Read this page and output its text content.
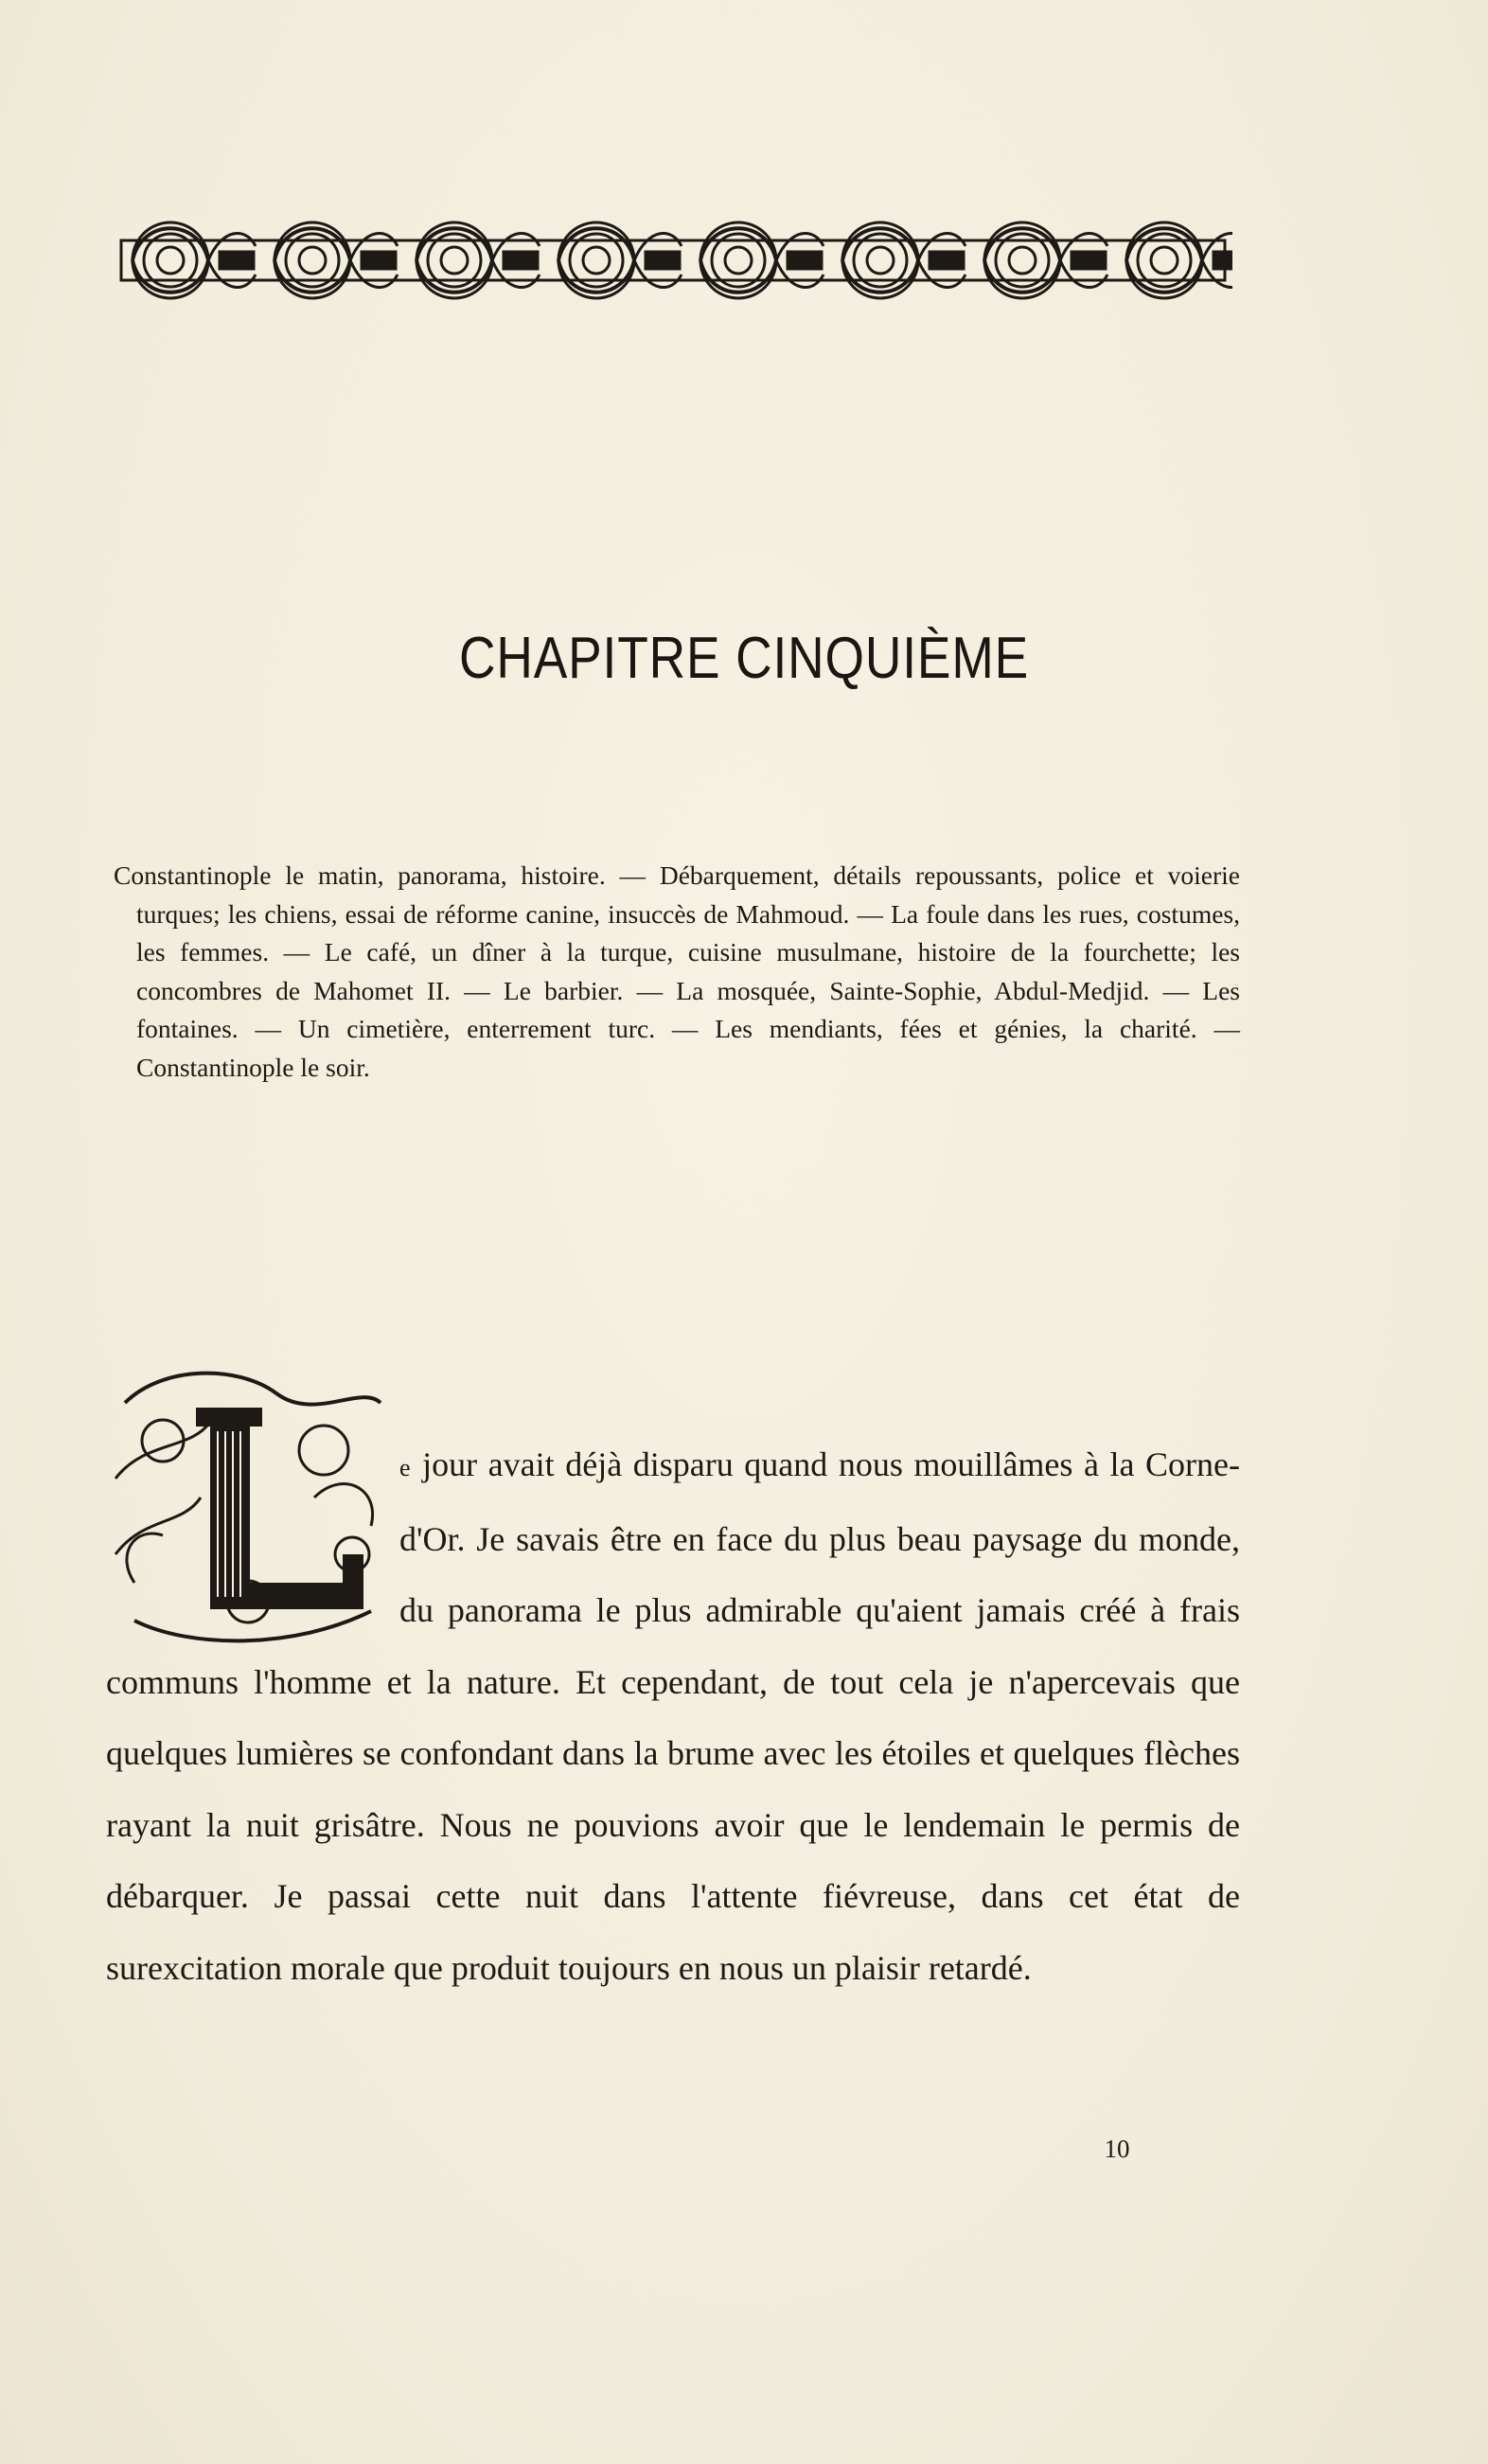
CHAPITRE CINQUIÈME
Constantinople le matin, panorama, histoire. — Débarquement, détails repoussants, police et voierie turques; les chiens, essai de réforme canine, insuccès de Mahmoud. — La foule dans les rues, costumes, les femmes. — Le café, un dîner à la turque, cuisine musulmane, histoire de la fourchette; les concombres de Mahomet II. — Le barbier. — La mosquée, Sainte-Sophie, Abdul-Medjid. — Les fontaines. — Un cimetière, enterrement turc. — Les mendiants, fées et génies, la charité. — Constantinople le soir.
e jour avait déjà disparu quand nous mouillâmes à la Corne-d'Or. Je savais être en face du plus beau paysage du monde, du panorama le plus admirable qu'aient jamais créé à frais communs l'homme et la nature. Et cependant, de tout cela je n'apercevais que quelques lumières se confondant dans la brume avec les étoiles et quelques flèches rayant la nuit grisâtre. Nous ne pouvions avoir que le lendemain le permis de débarquer. Je passai cette nuit dans l'attente fiévreuse, dans cet état de surexcitation morale que produit toujours en nous un plaisir retardé.
10
